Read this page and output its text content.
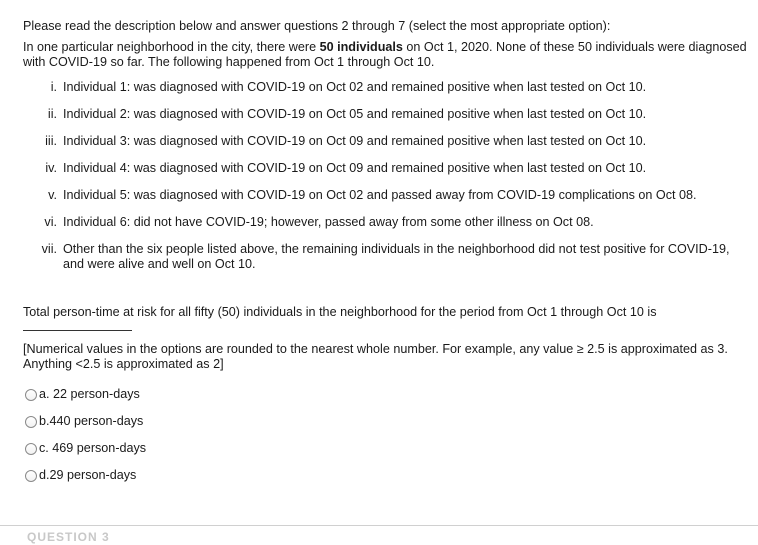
Please read the description below and answer questions 2 through 7 (select the most appropriate option):

In one particular neighborhood in the city, there were 50 individuals on Oct 1, 2020. None of these 50 individuals were diagnosed with COVID-19 so far. The following happened from Oct 1 through Oct 10.

i. Individual 1: was diagnosed with COVID-19 on Oct 02 and remained positive when last tested on Oct 10.
ii. Individual 2: was diagnosed with COVID-19 on Oct 05 and remained positive when last tested on Oct 10.
iii. Individual 3: was diagnosed with COVID-19 on Oct 09 and remained positive when last tested on Oct 10.
iv. Individual 4: was diagnosed with COVID-19 on Oct 09 and remained positive when last tested on Oct 10.
v. Individual 5: was diagnosed with COVID-19 on Oct 02 and passed away from COVID-19 complications on Oct 08.
vi. Individual 6: did not have COVID-19; however, passed away from some other illness on Oct 08.
vii. Other than the six people listed above, the remaining individuals in the neighborhood did not test positive for COVID-19, and were alive and well on Oct 10.

Total person-time at risk for all fifty (50) individuals in the neighborhood for the period from Oct 1 through Oct 10 is

[Numerical values in the options are rounded to the nearest whole number. For example, any value ≥ 2.5 is approximated as 3. Anything <2.5 is approximated as 2]

a. 22 person-days
b.440 person-days
c. 469 person-days
d.29 person-days
QUESTION 3
